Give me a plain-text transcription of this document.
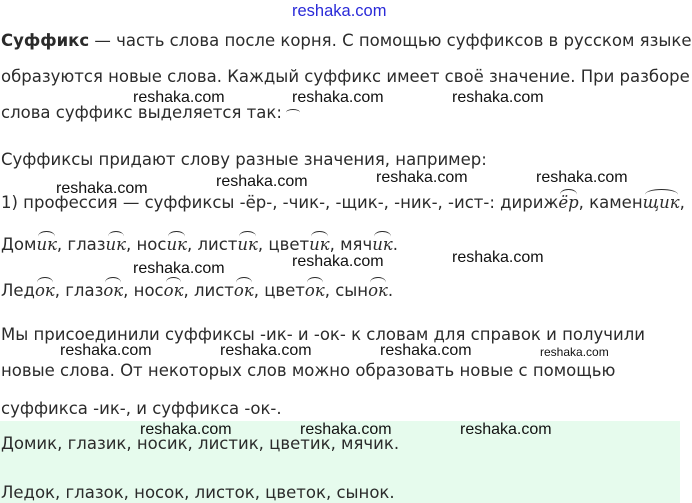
reshaka.com
reshaka.com	reshaka.com	reshaka.com
reshaka.com	reshaka.com	reshaka.com	reshaka.com
reshaka.com	reshaka.com	reshaka.com
reshaka.com	reshaka.com	reshaka.com	reshaka.com
reshaka.com	reshaka.com	reshaka.com
Суффикс — часть слова после корня. С помощью суффиксов в русском языке
образуются новые слова. Каждый суффикс имеет своё значение. При разборе
слова суффикс выделяется так:
Суффиксы придают слову разные значения, например:
1) профессия — суффиксы -ёр-, -чик-, -щик-, -ник-, -ист-: дирижёр, каменщик,
Домик, глазик, носик, листик, цветик, мячик.
Ледок, глазок, носок, листок, цветок, сынок.
Мы присоединили суффиксы -ик- и -ок- к словам для справок и получили
новые слова. От некоторых слов можно образовать новые с помощью
суффикса -ик-, и суффикса -ок-.
Домик, глазик, носик, листик, цветик, мячик.
Ледок, глазок, носок, листок, цветок, сынок.
